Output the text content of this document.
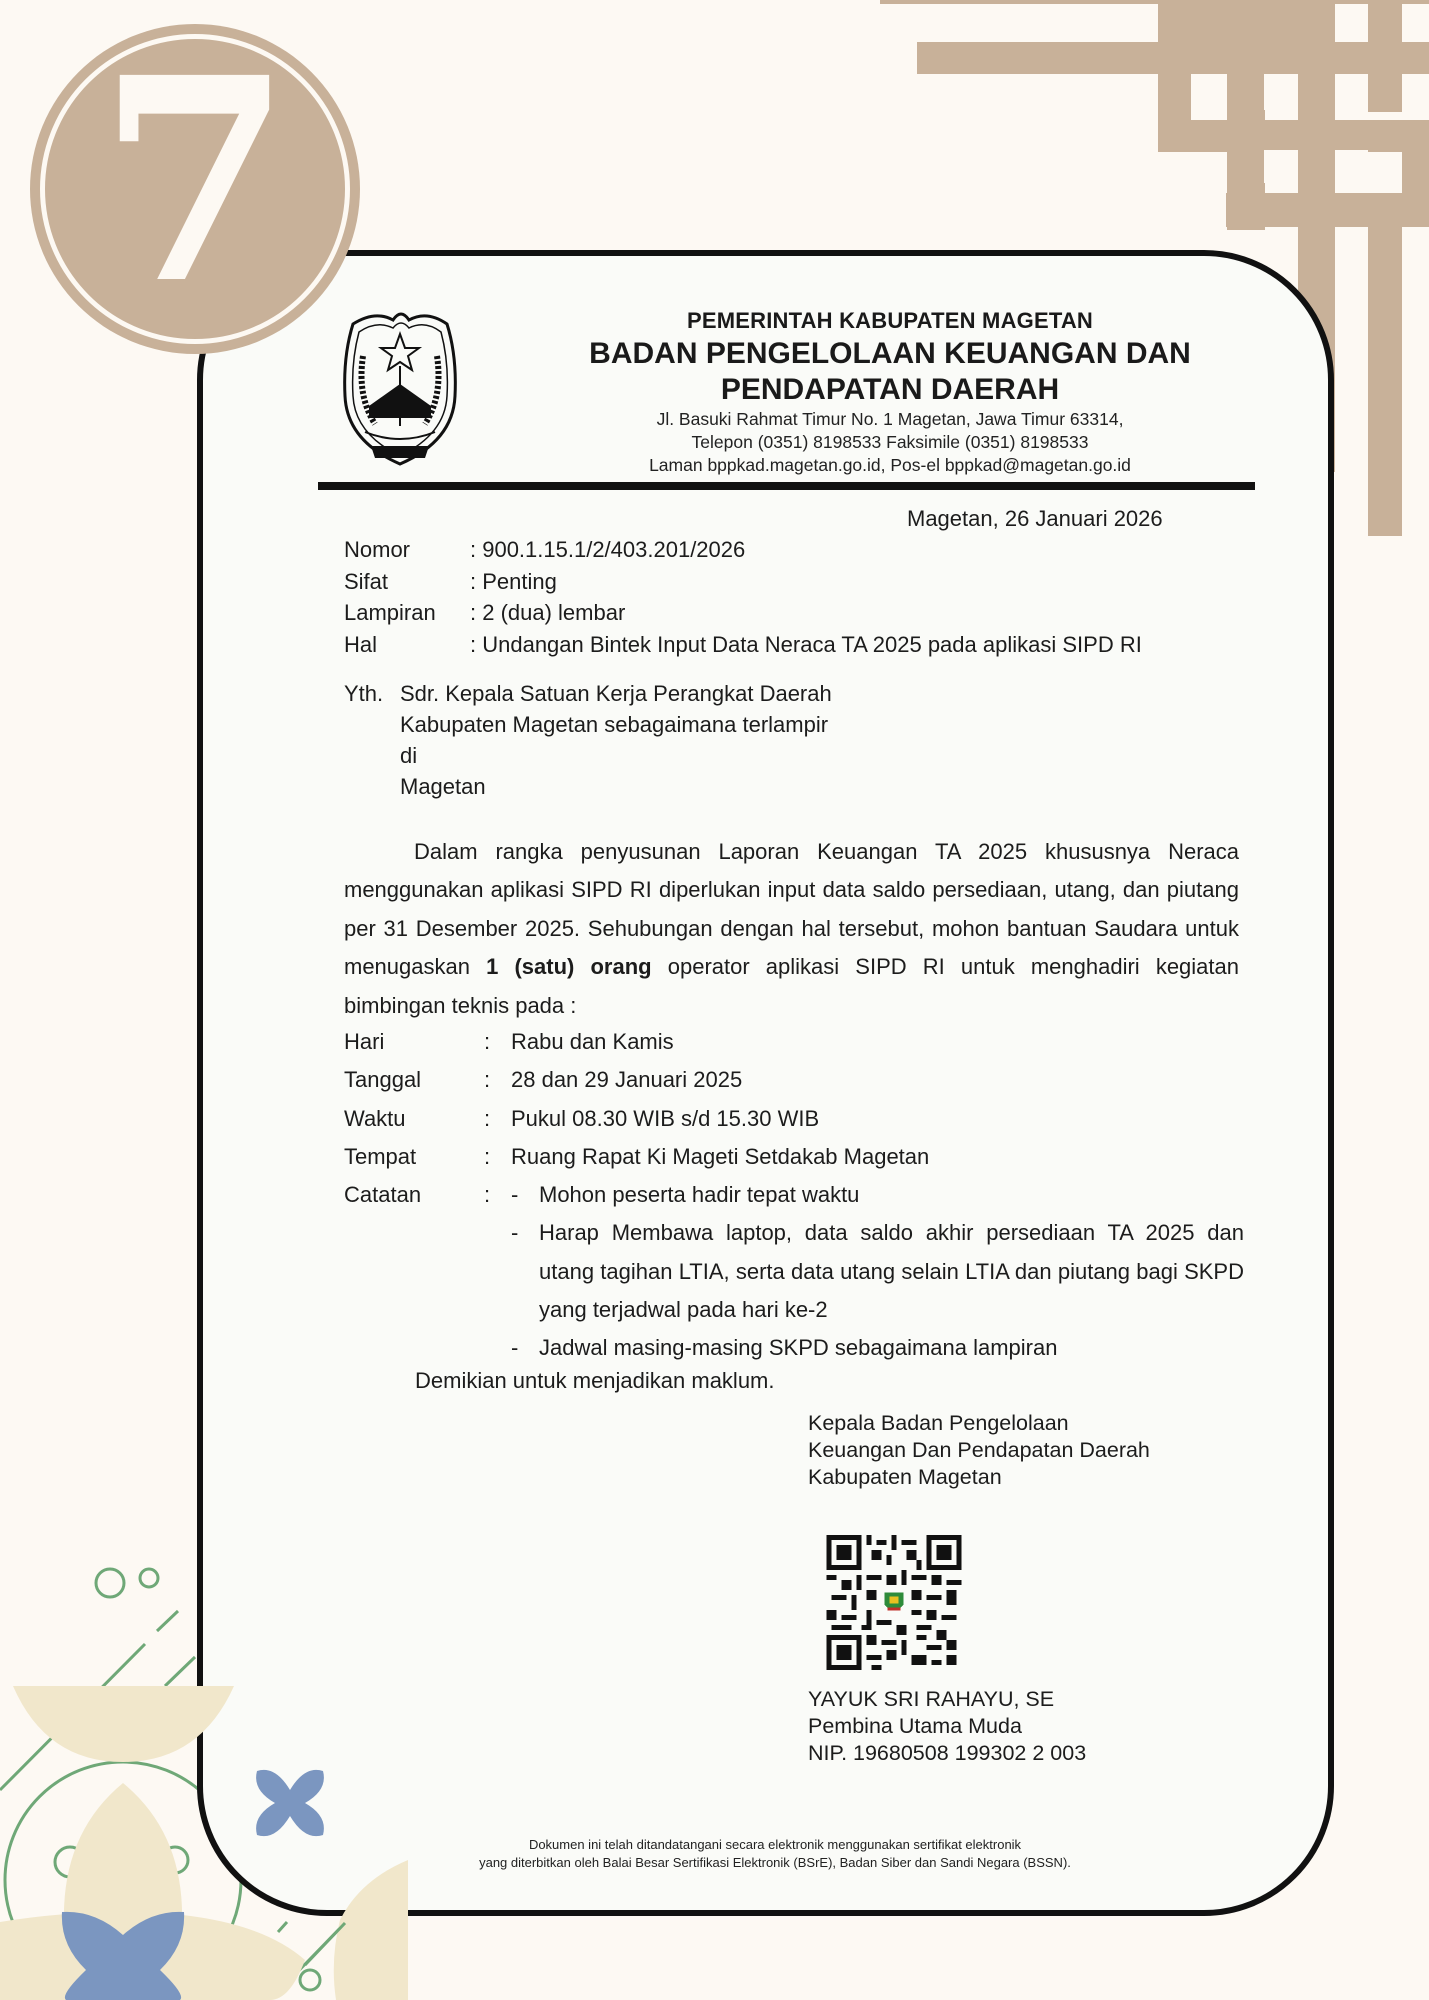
7	PEMERINTAH KABUPATEN MAGETAN
BADAN PENGELOLAAN KEUANGAN DAN
PENDAPATAN DAERAH
Jl. Basuki Rahmat Timur No. 1 Magetan, Jawa Timur 63314,
Telepon (0351) 8198533 Faksimile (0351) 8198533
Laman bppkad.magetan.go.id, Pos-el bppkad@magetan.go.id
Magetan, 26 Januari 2026
Nomor	: 900.1.15.1/2/403.201/2026
Sifat	: Penting
Lampiran	: 2 (dua) lembar
Hal	: Undangan Bintek Input Data Neraca TA 2025 pada aplikasi SIPD RI
Yth. Sdr. Kepala Satuan Kerja Perangkat Daerah
Kabupaten Magetan sebagaimana terlampir
di
Magetan
Dalam rangka penyusunan Laporan Keuangan TA 2025 khususnya Neraca menggunakan aplikasi SIPD RI diperlukan input data saldo persediaan, utang, dan piutang per 31 Desember 2025. Sehubungan dengan hal tersebut, mohon bantuan Saudara untuk menugaskan 1 (satu) orang operator aplikasi SIPD RI untuk menghadiri kegiatan bimbingan teknis pada :
Hari	: Rabu dan Kamis
Tanggal	: 28 dan 29 Januari 2025
Waktu	: Pukul 08.30 WIB s/d 15.30 WIB
Tempat	: Ruang Rapat Ki Mageti Setdakab Magetan
Catatan	: - Mohon peserta hadir tepat waktu
- Harap Membawa laptop, data saldo akhir persediaan TA 2025 dan utang tagihan LTIA, serta data utang selain LTIA dan piutang bagi SKPD yang terjadwal pada hari ke-2
- Jadwal masing-masing SKPD sebagaimana lampiran
Demikian untuk menjadikan maklum.
Kepala Badan Pengelolaan
Keuangan Dan Pendapatan Daerah
Kabupaten Magetan
YAYUK SRI RAHAYU, SE
Pembina Utama Muda
NIP. 19680508 199302 2 003
Dokumen ini telah ditandatangani secara elektronik menggunakan sertifikat elektronik
yang diterbitkan oleh Balai Besar Sertifikasi Elektronik (BSrE), Badan Siber dan Sandi Negara (BSSN).
